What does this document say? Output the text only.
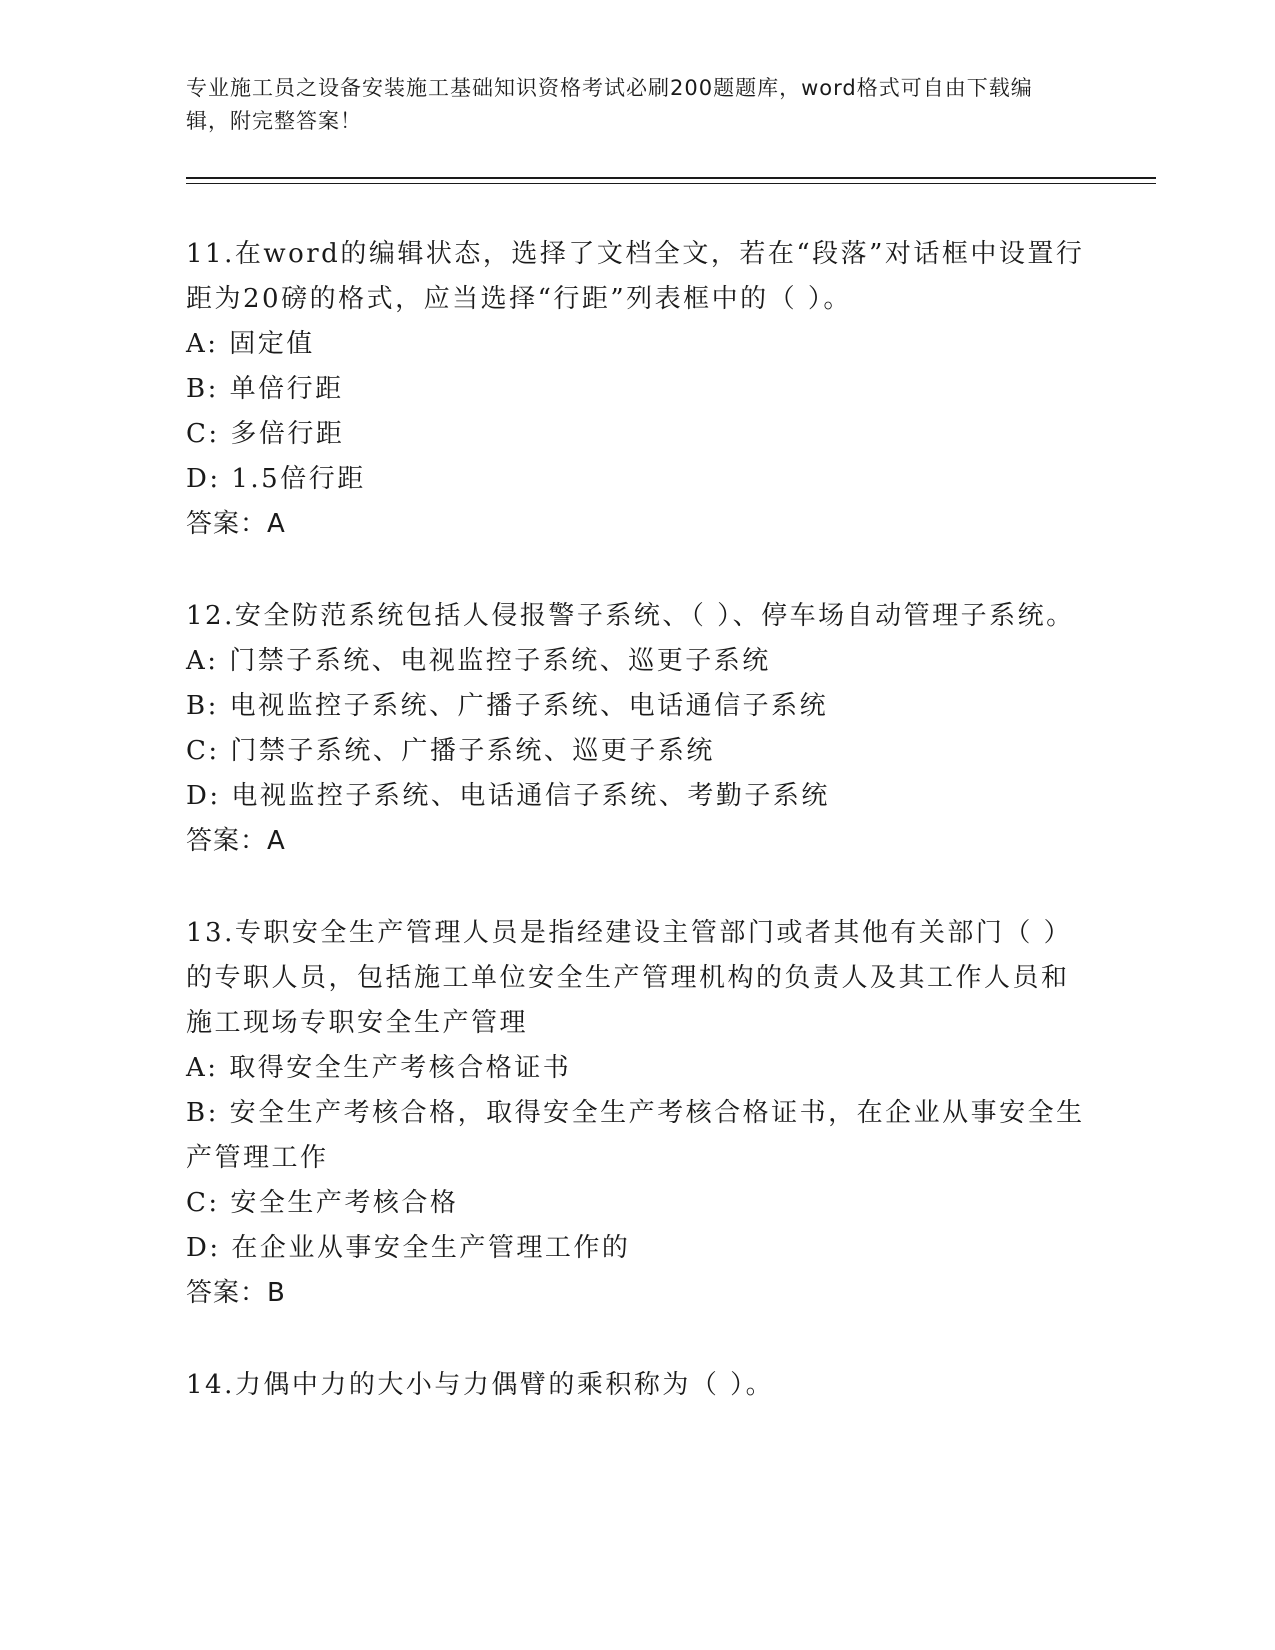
专业施工员之设备安装施工基础知识资格考试必刷200题题库，word格式可自由下载编辑，附完整答案！

11.在word的编辑状态，选择了文档全文，若在“段落”对话框中设置行距为20磅的格式，应当选择“行距”列表框中的（ ）。

A: 固定值

B: 单倍行距

C: 多倍行距

D: 1.5倍行距

答案：A

12.安全防范系统包括人侵报警子系统、（ ）、停车场自动管理子系统。

A: 门禁子系统、电视监控子系统、巡更子系统

B: 电视监控子系统、广播子系统、电话通信子系统

C: 门禁子系统、广播子系统、巡更子系统

D: 电视监控子系统、电话通信子系统、考勤子系统

答案：A

13.专职安全生产管理人员是指经建设主管部门或者其他有关部门（ ）的专职人员，包括施工单位安全生产管理机构的负责人及其工作人员和施工现场专职安全生产管理

A: 取得安全生产考核合格证书

B: 安全生产考核合格，取得安全生产考核合格证书，在企业从事安全生产管理工作

C: 安全生产考核合格

D: 在企业从事安全生产管理工作的

答案：B

14.力偶中力的大小与力偶臂的乘积称为（ ）。
